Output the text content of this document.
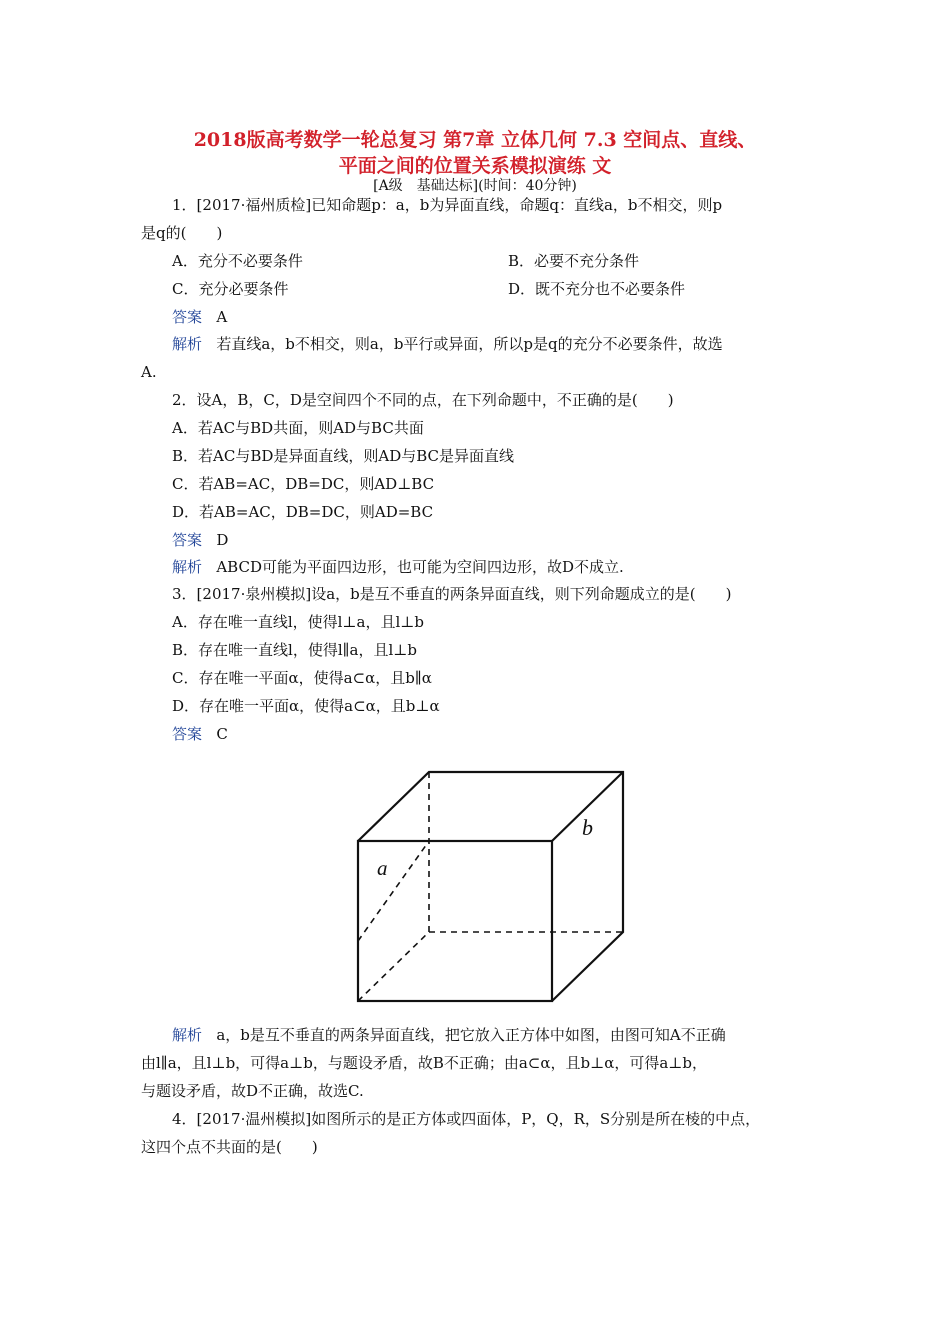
2018版高考数学一轮总复习 第7章 立体几何 7.3 空间点、直线、
平面之间的位置关系模拟演练 文
[A级　基础达标](时间：40分钟)
1．[2017·福州质检]已知命题p：a，b为异面直线，命题q：直线a，b不相交，则p
是q的(　　)
A．充分不必要条件	B．必要不充分条件
C．充分必要条件	D．既不充分也不必要条件
答案 A
解析 若直线a，b不相交，则a，b平行或异面，所以p是q的充分不必要条件，故选
A.
2．设A，B，C，D是空间四个不同的点，在下列命题中，不正确的是(　　)
A．若AC与BD共面，则AD与BC共面
B．若AC与BD是异面直线，则AD与BC是异面直线
C．若AB=AC，DB=DC，则AD⊥BC
D．若AB=AC，DB=DC，则AD=BC
答案 D
解析 ABCD可能为平面四边形，也可能为空间四边形，故D不成立.
3．[2017·泉州模拟]设a，b是互不垂直的两条异面直线，则下列命题成立的是(　　)
A．存在唯一直线l，使得l⊥a，且l⊥b
B．存在唯一直线l，使得l∥a，且l⊥b
C．存在唯一平面α，使得a⊂α，且b∥α
D．存在唯一平面α，使得a⊂α，且b⊥α
答案 C
a
b
解析 a，b是互不垂直的两条异面直线，把它放入正方体中如图，由图可知A不正确
由l∥a，且l⊥b，可得a⊥b，与题设矛盾，故B不正确；由a⊂α，且b⊥α，可得a⊥b，
与题设矛盾，故D不正确，故选C.
4．[2017·温州模拟]如图所示的是正方体或四面体，P，Q，R，S分别是所在棱的中点，
这四个点不共面的是(　　)
